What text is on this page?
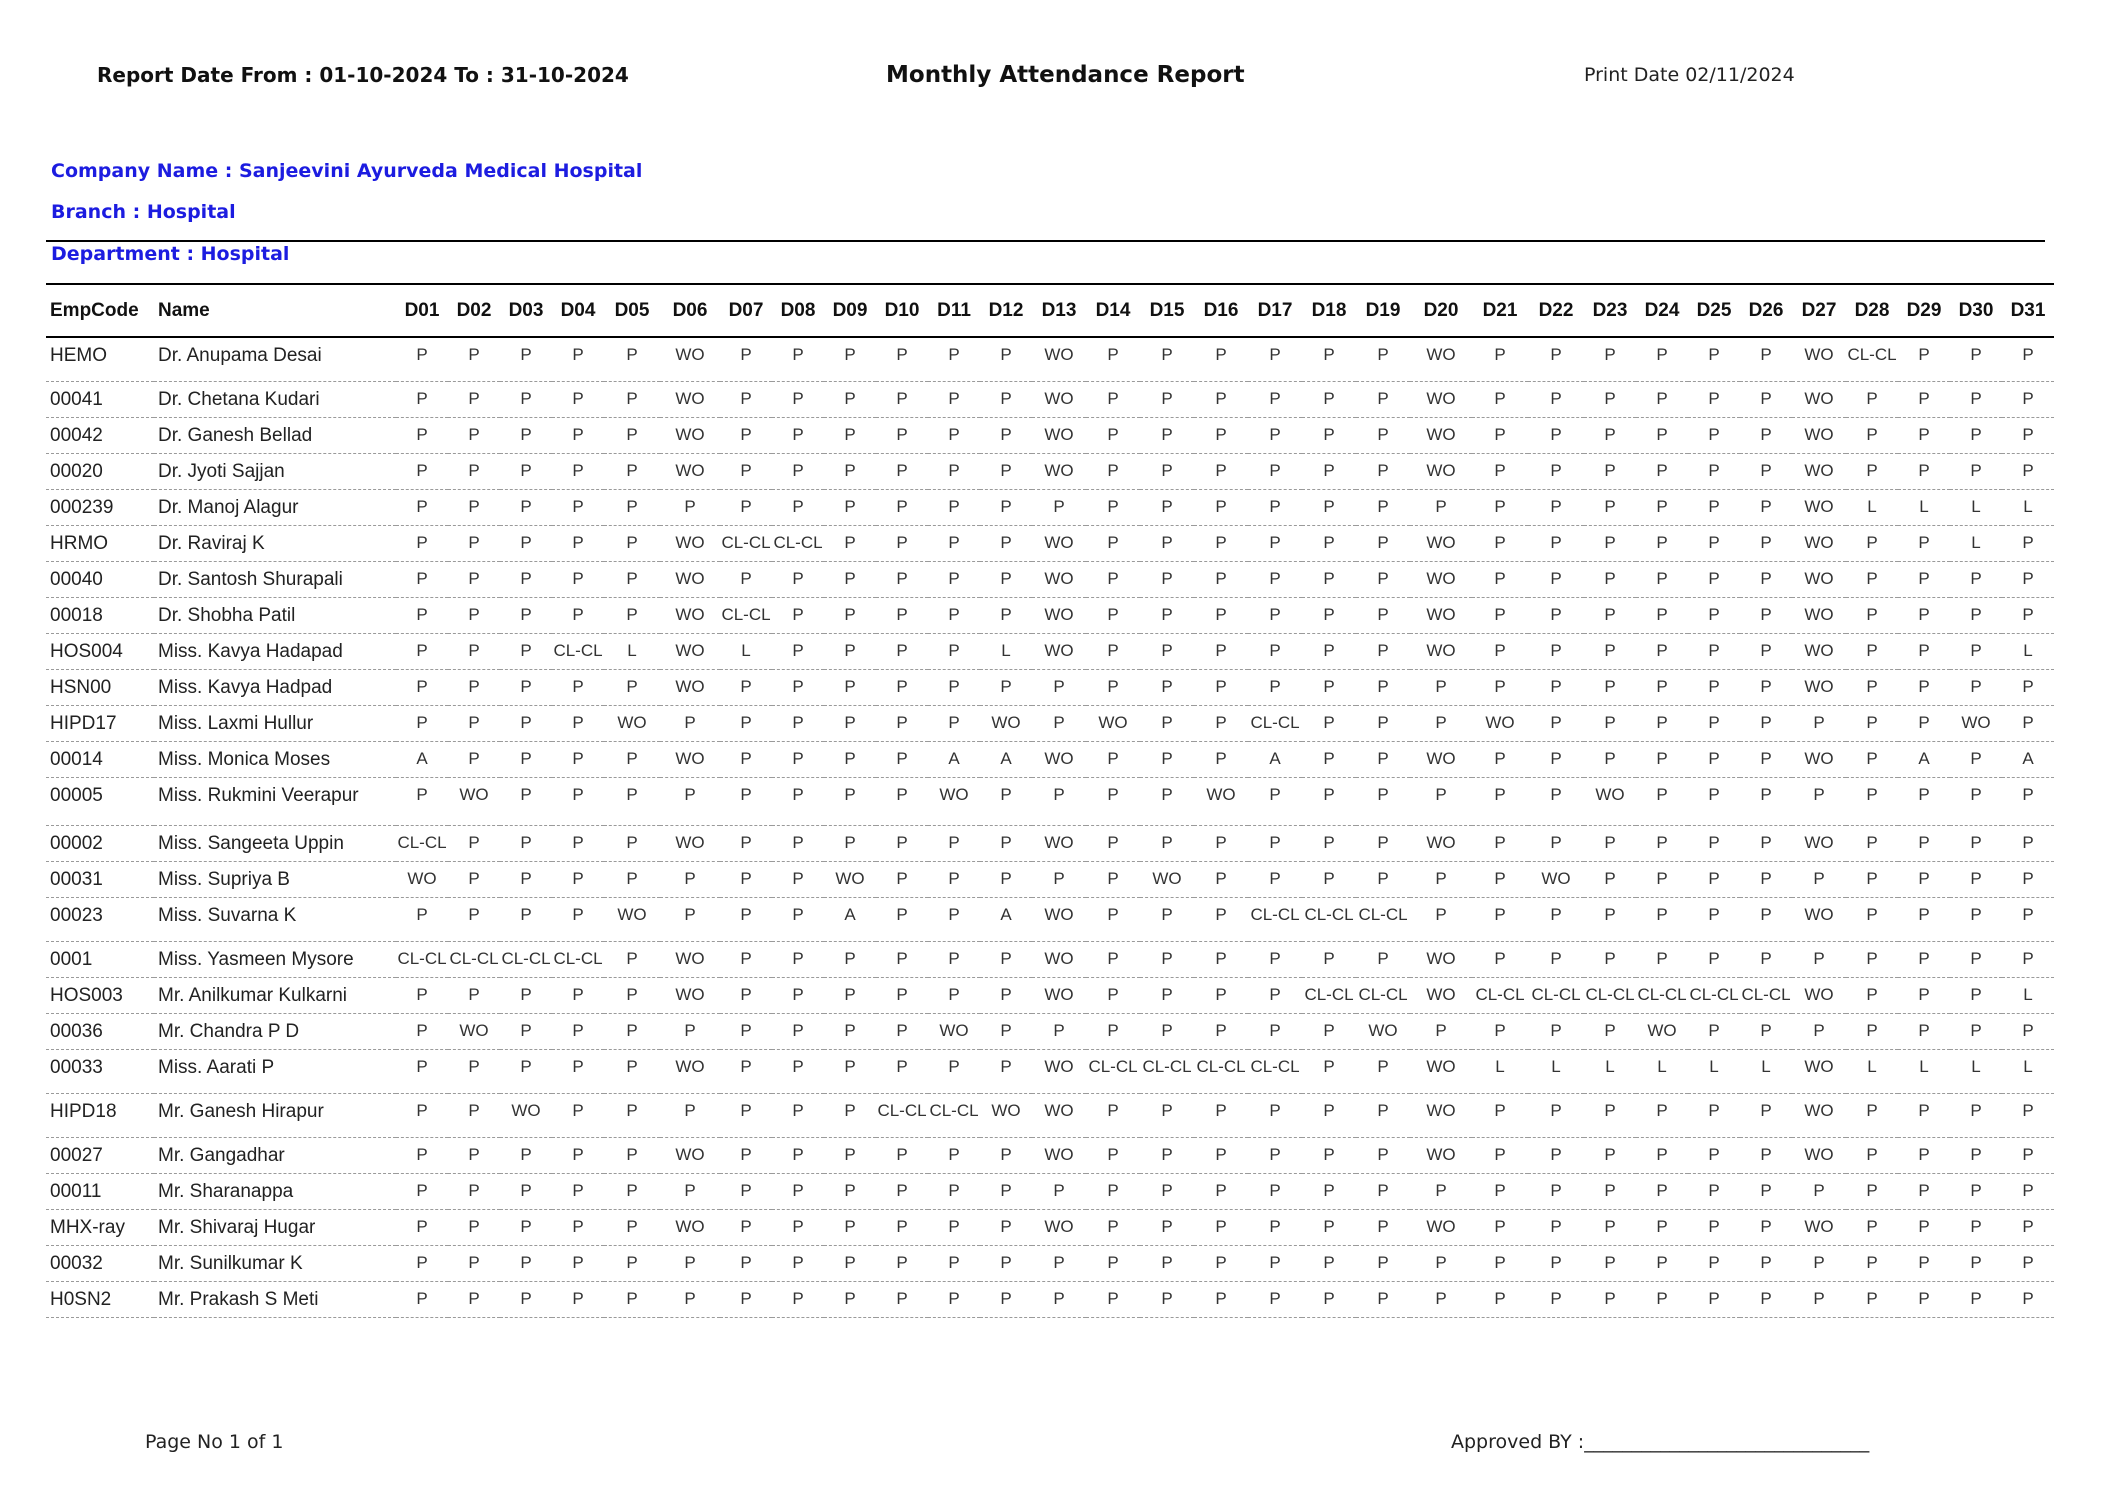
Report Date From : 01-10-2024 To : 31-10-2024	Monthly Attendance Report	Print Date 02/11/2024
Company Name : Sanjeevini Ayurveda Medical Hospital
Branch : Hospital
Department : Hospital
EmpCode	Name	D01	D02	D03	D04	D05	D06	D07	D08	D09	D10	D11	D12	D13	D14	D15	D16	D17	D18	D19	D20	D21	D22	D23	D24	D25	D26	D27	D28	D29	D30	D31
HEMO	Dr. Anupama Desai	P	P	P	P	P	WO	P	P	P	P	P	P	WO	P	P	P	P	P	P	WO	P	P	P	P	P	P	WO	CL-CL	P	P	P
00041	Dr. Chetana Kudari	P	P	P	P	P	WO	P	P	P	P	P	P	WO	P	P	P	P	P	P	WO	P	P	P	P	P	P	WO	P	P	P	P
00042	Dr. Ganesh Bellad	P	P	P	P	P	WO	P	P	P	P	P	P	WO	P	P	P	P	P	P	WO	P	P	P	P	P	P	WO	P	P	P	P
00020	Dr. Jyoti Sajjan	P	P	P	P	P	WO	P	P	P	P	P	P	WO	P	P	P	P	P	P	WO	P	P	P	P	P	P	WO	P	P	P	P
000239	Dr. Manoj Alagur	P	P	P	P	P	P	P	P	P	P	P	P	P	P	P	P	P	P	P	P	P	P	P	P	P	P	WO	L	L	L	L
HRMO	Dr. Raviraj K	P	P	P	P	P	WO	CL-CL	CL-CL	P	P	P	P	WO	P	P	P	P	P	P	WO	P	P	P	P	P	P	WO	P	P	L	P
00040	Dr. Santosh Shurapali	P	P	P	P	P	WO	P	P	P	P	P	P	WO	P	P	P	P	P	P	WO	P	P	P	P	P	P	WO	P	P	P	P
00018	Dr. Shobha Patil	P	P	P	P	P	WO	CL-CL	P	P	P	P	P	WO	P	P	P	P	P	P	WO	P	P	P	P	P	P	WO	P	P	P	P
HOS004	Miss. Kavya Hadapad	P	P	P	CL-CL	L	WO	L	P	P	P	P	L	WO	P	P	P	P	P	P	WO	P	P	P	P	P	P	WO	P	P	P	L
HSN00	Miss. Kavya Hadpad	P	P	P	P	P	WO	P	P	P	P	P	P	P	P	P	P	P	P	P	P	P	P	P	P	P	P	WO	P	P	P	P
HIPD17	Miss. Laxmi Hullur	P	P	P	P	WO	P	P	P	P	P	P	WO	P	WO	P	P	CL-CL	P	P	P	WO	P	P	P	P	P	P	P	P	WO	P
00014	Miss. Monica Moses	A	P	P	P	P	WO	P	P	P	P	A	A	WO	P	P	P	A	P	P	WO	P	P	P	P	P	P	WO	P	A	P	A
00005	Miss. Rukmini Veerapur	P	WO	P	P	P	P	P	P	P	P	WO	P	P	P	P	WO	P	P	P	P	P	P	WO	P	P	P	P	P	P	P	P
00002	Miss. Sangeeta Uppin	CL-CL	P	P	P	P	WO	P	P	P	P	P	P	WO	P	P	P	P	P	P	WO	P	P	P	P	P	P	WO	P	P	P	P
00031	Miss. Supriya B	WO	P	P	P	P	P	P	P	WO	P	P	P	P	P	WO	P	P	P	P	P	P	WO	P	P	P	P	P	P	P	P	P
00023	Miss. Suvarna K	P	P	P	P	WO	P	P	P	A	P	P	A	WO	P	P	P	CL-CL	CL-CL	CL-CL	P	P	P	P	P	P	P	WO	P	P	P	P
0001	Miss. Yasmeen Mysore	CL-CL	CL-CL	CL-CL	CL-CL	P	WO	P	P	P	P	P	P	WO	P	P	P	P	P	P	WO	P	P	P	P	P	P	P	P	P	P	P
HOS003	Mr. Anilkumar Kulkarni	P	P	P	P	P	WO	P	P	P	P	P	P	WO	P	P	P	P	CL-CL	CL-CL	WO	CL-CL	CL-CL	CL-CL	CL-CL	CL-CL	CL-CL	WO	P	P	P	L
00036	Mr. Chandra P D	P	WO	P	P	P	P	P	P	P	P	WO	P	P	P	P	P	P	P	WO	P	P	P	P	WO	P	P	P	P	P	P	P
00033	Miss. Aarati P	P	P	P	P	P	WO	P	P	P	P	P	P	WO	CL-CL	CL-CL	CL-CL	CL-CL	P	P	WO	L	L	L	L	L	L	WO	L	L	L	L
HIPD18	Mr. Ganesh Hirapur	P	P	WO	P	P	P	P	P	P	CL-CL	CL-CL	WO	WO	P	P	P	P	P	P	WO	P	P	P	P	P	P	WO	P	P	P	P
00027	Mr. Gangadhar	P	P	P	P	P	WO	P	P	P	P	P	P	WO	P	P	P	P	P	P	WO	P	P	P	P	P	P	WO	P	P	P	P
00011	Mr. Sharanappa	P	P	P	P	P	P	P	P	P	P	P	P	P	P	P	P	P	P	P	P	P	P	P	P	P	P	P	P	P	P	P
MHX-ray	Mr. Shivaraj Hugar	P	P	P	P	P	WO	P	P	P	P	P	P	WO	P	P	P	P	P	P	WO	P	P	P	P	P	P	WO	P	P	P	P
00032	Mr. Sunilkumar K	P	P	P	P	P	P	P	P	P	P	P	P	P	P	P	P	P	P	P	P	P	P	P	P	P	P	P	P	P	P	P
H0SN2	Mr. Prakash S Meti	P	P	P	P	P	P	P	P	P	P	P	P	P	P	P	P	P	P	P	P	P	P	P	P	P	P	P	P	P	P	P
Page No 1 of 1	Approved BY :______________________________
